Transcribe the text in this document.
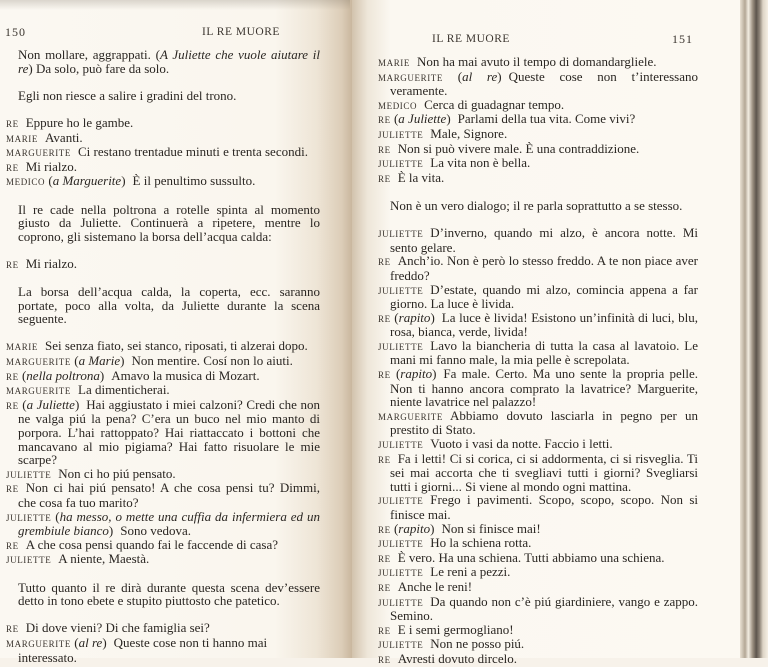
150	IL RE MUORE

Non mollare, aggrappati. (A Juliette che vuole aiutare il re) Da solo, può fare da solo.

Egli non riesce a salire i gradini del trono.

re Eppure ho le gambe.

marie Avanti.

marguerite Ci restano trentadue minuti e trenta secondi.

re Mi rialzo.

medico (a Marguerite) È il penultimo sussulto.

Il re cade nella poltrona a rotelle spinta al momento giusto da Juliette. Continuerà a ripetere, mentre lo coprono, gli sistemano la borsa dell’acqua calda:

re Mi rialzo.

La borsa dell’acqua calda, la coperta, ecc. saranno portate, poco alla volta, da Juliette durante la scena seguente.

marie Sei senza fiato, sei stanco, riposati, ti alzerai dopo.

marguerite (a Marie) Non mentire. Cosí non lo aiuti.

re (nella poltrona) Amavo la musica di Mozart.

marguerite La dimenticherai.

re (a Juliette) Hai aggiustato i miei calzoni? Credi che non ne valga piú la pena? C’era un buco nel mio manto di porpora. L’hai rattoppato? Hai riattaccato i bottoni che mancavano al mio pigiama? Hai fatto risuolare le mie scarpe?

juliette Non ci ho piú pensato.

re Non ci hai piú pensato! A che cosa pensi tu? Dimmi, che cosa fa tuo marito?

juliette (ha messo, o mette una cuffia da infermiera ed un grembiule bianco) Sono vedova.

re A che cosa pensi quando fai le faccende di casa?

juliette A niente, Maestà.

Tutto quanto il re dirà durante questa scena dev’essere detto in tono ebete e stupito piuttosto che patetico.

re Di dove vieni? Di che famiglia sei?

marguerite (al re) Queste cose non ti hanno mai interessato.

IL RE MUORE	151

marie Non ha mai avuto il tempo di domandargliele.

marguerite (al re) Queste cose non t’interessano veramente.

medico Cerca di guadagnar tempo.

re (a Juliette) Parlami della tua vita. Come vivi?

juliette Male, Signore.

re Non si può vivere male. È una contraddizione.

juliette La vita non è bella.

re È la vita.

Non è un vero dialogo; il re parla soprattutto a se stesso.

juliette D’inverno, quando mi alzo, è ancora notte. Mi sento gelare.

re Anch’io. Non è però lo stesso freddo. A te non piace aver freddo?

juliette D’estate, quando mi alzo, comincia appena a far giorno. La luce è livida.

re (rapito) La luce è livida! Esistono un’infinità di luci, blu, rosa, bianca, verde, livida!

juliette Lavo la biancheria di tutta la casa al lavatoio. Le mani mi fanno male, la mia pelle è screpolata.

re (rapito) Fa male. Certo. Ma uno sente la propria pelle. Non ti hanno ancora comprato la lavatrice? Marguerite, niente lavatrice nel palazzo!

marguerite Abbiamo dovuto lasciarla in pegno per un prestito di Stato.

juliette Vuoto i vasi da notte. Faccio i letti.

re Fa i letti! Ci si corica, ci si addormenta, ci si risveglia. Ti sei mai accorta che ti svegliavi tutti i giorni? Svegliarsi tutti i giorni... Si viene al mondo ogni mattina.

juliette Frego i pavimenti. Scopo, scopo, scopo. Non si finisce mai.

re (rapito) Non si finisce mai!

juliette Ho la schiena rotta.

re È vero. Ha una schiena. Tutti abbiamo una schiena.

juliette Le reni a pezzi.

re Anche le reni!

juliette Da quando non c’è piú giardiniere, vango e zappo. Semino.

re E i semi germogliano!

juliette Non ne posso piú.

re Avresti dovuto dircelo.
